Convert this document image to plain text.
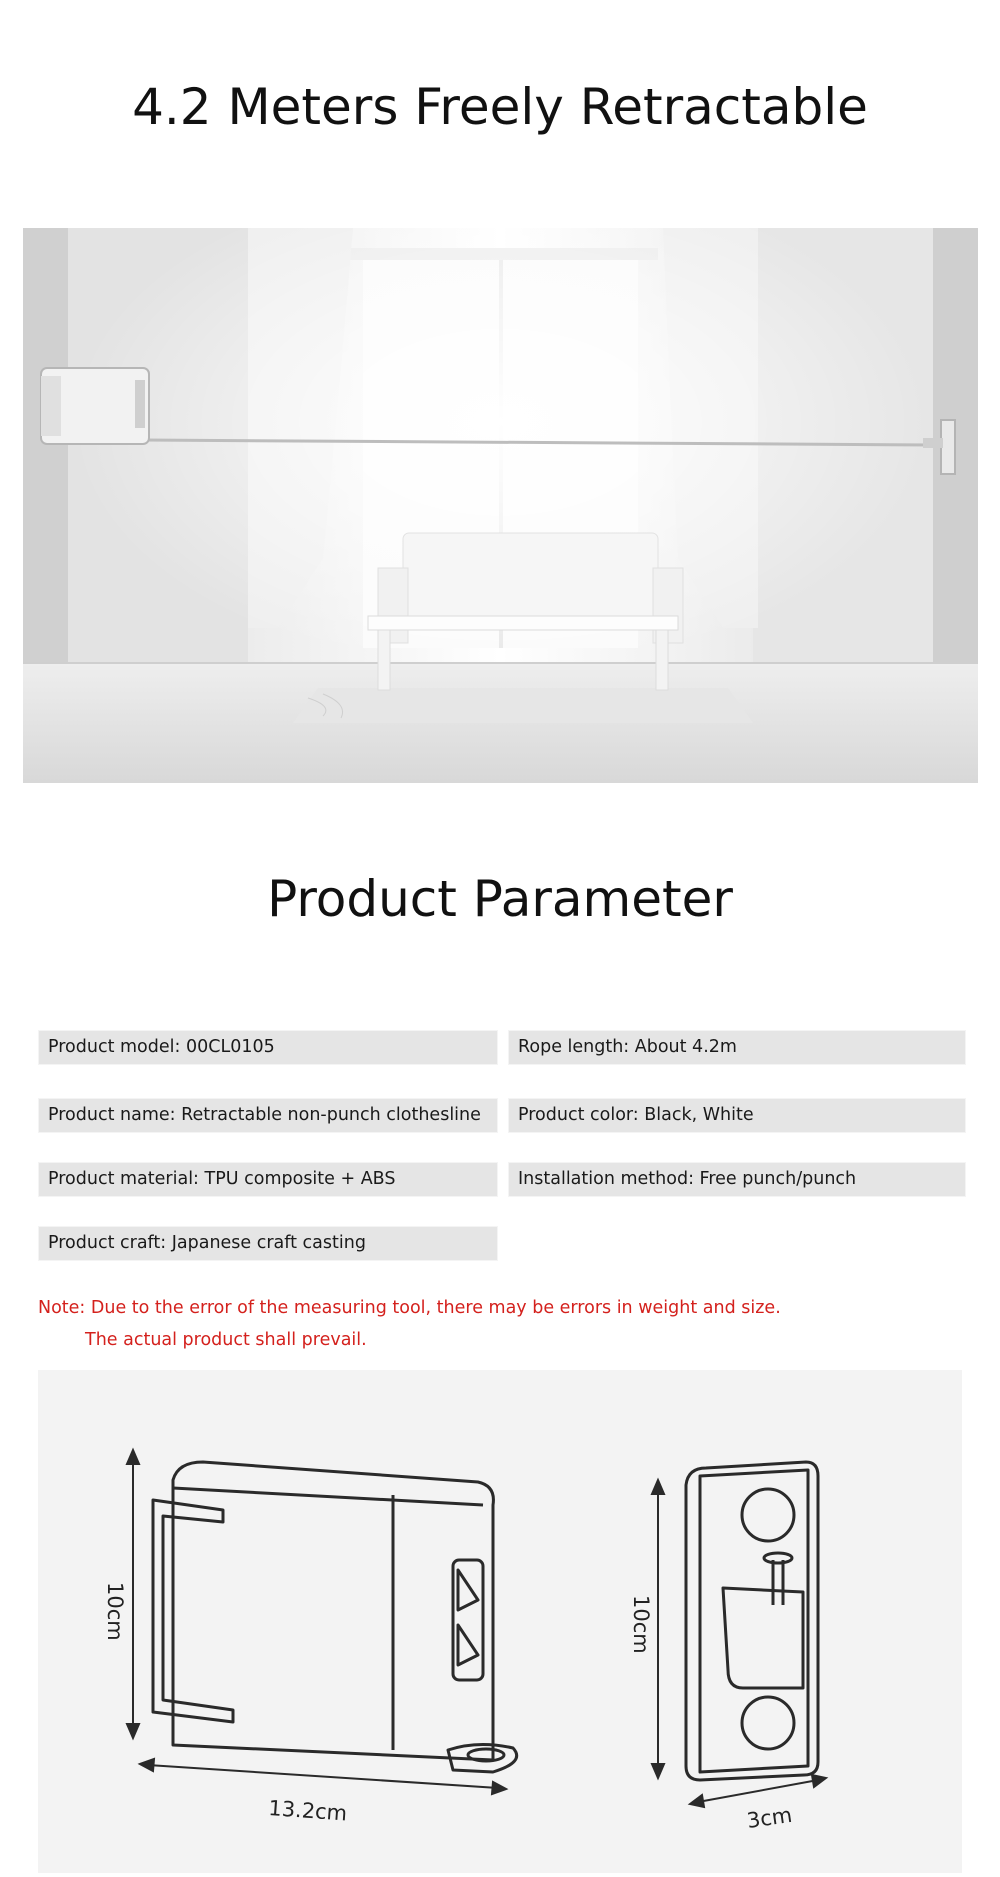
4.2 Meters Freely Retractable
Product Parameter
Product model: 00CL0105	Rope length: About 4.2m
Product name: Retractable non-punch clothesline	Product color: Black, White
Product material: TPU composite + ABS	Installation method: Free punch/punch
Product craft: Japanese craft casting
Note: Due to the error of the measuring tool, there may be errors in weight and size.
The actual product shall prevail.
10cm
13.2cm
10cm
3cm
